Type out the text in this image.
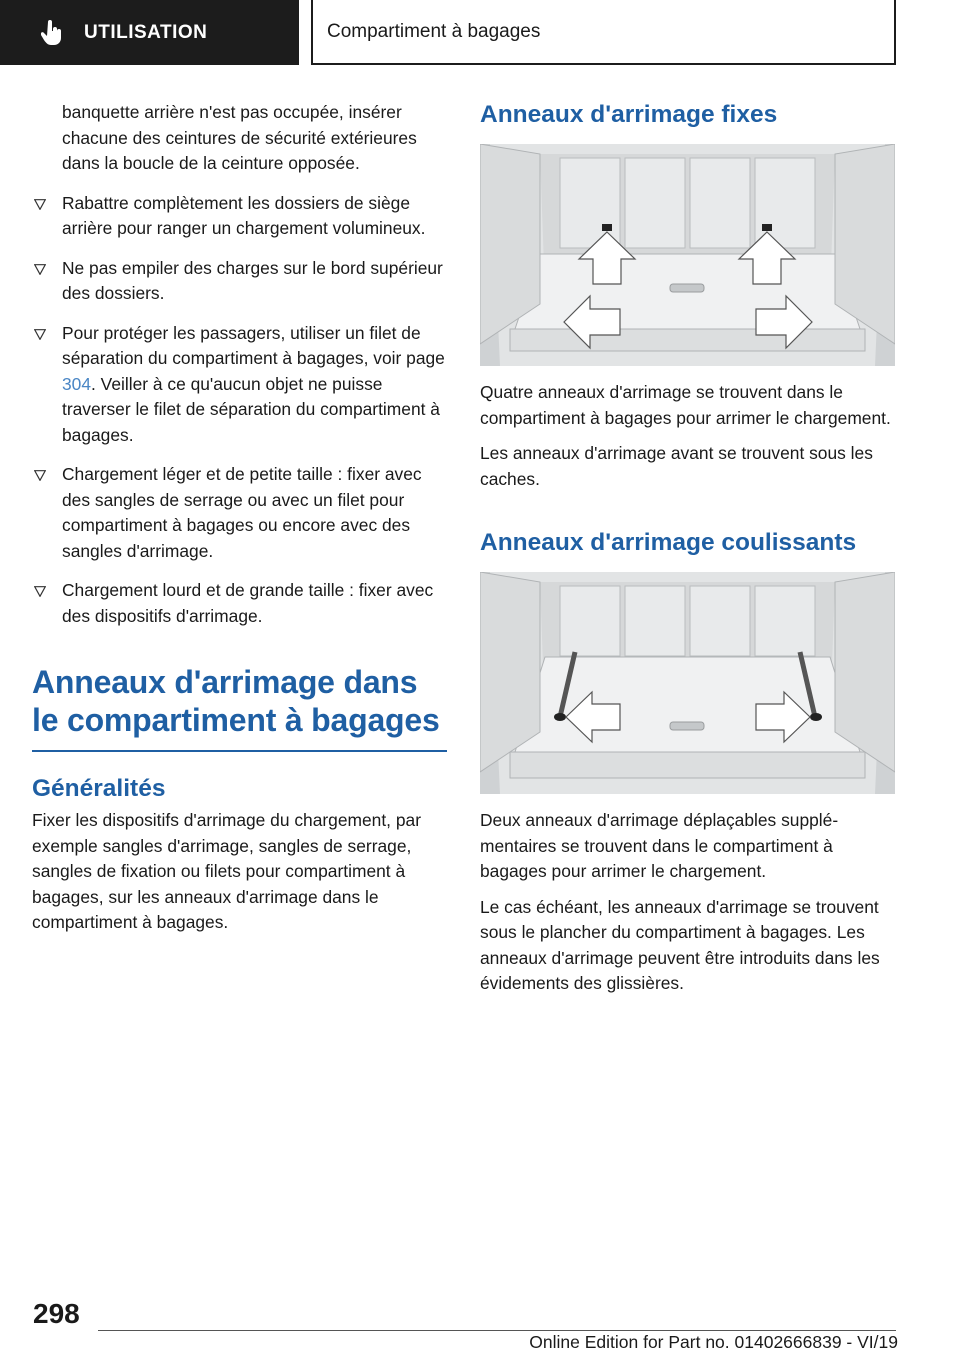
UTILISATION	Compartiment à bagages

banquette arrière n'est pas occupée, insérer chacune des ceintures de sécurité extérieures dans la boucle de la ceinture opposée.

Rabattre complètement les dossiers de siège arrière pour ranger un chargement volumineux.
Ne pas empiler des charges sur le bord supérieur des dossiers.
Pour protéger les passagers, utiliser un filet de séparation du compartiment à bagages, voir page 304. Veiller à ce qu'aucun objet ne puisse traverser le filet de séparation du compartiment à bagages.
Chargement léger et de petite taille : fixer avec des sangles de serrage ou avec un filet pour compartiment à bagages ou encore avec des sangles d'arrimage.
Chargement lourd et de grande taille : fixer avec des dispositifs d'arrimage.
Anneaux d'arrimage dans le compartiment à bagages
Généralités

Fixer les dispositifs d'arrimage du chargement, par exemple sangles d'arrimage, sangles de serrage, sangles de fixation ou filets pour compartiment à bagages, sur les anneaux d'arrimage dans le compartiment à bagages.

Anneaux d'arrimage fixes

Quatre anneaux d'arrimage se trouvent dans le compartiment à bagages pour arrimer le chargement.

Les anneaux d'arrimage avant se trouvent sous les caches.

Anneaux d'arrimage coulissants

Deux anneaux d'arrimage déplaçables supplémentaires se trouvent dans le compartiment à bagages pour arrimer le chargement.

Le cas échéant, les anneaux d'arrimage se trouvent sous le plancher du compartiment à bagages. Les anneaux d'arrimage peuvent être introduits dans les évidements des glissières.

298
Online Edition for Part no. 01402666839 - VI/19
